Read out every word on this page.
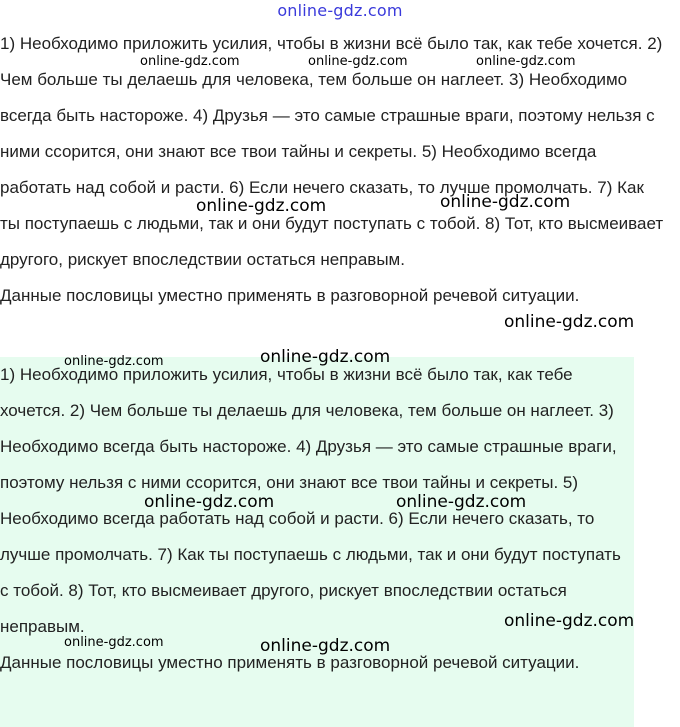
online-gdz.com

1) Необходимо приложить усилия, чтобы в жизни всё было так, как тебе хочется. 2) Чем больше ты делаешь для человека, тем больше он наглеет. 3) Необходимо всегда быть настороже. 4) Друзья — это самые страшные враги, поэтому нельзя с ними ссорится, они знают все твои тайны и секреты. 5) Необходимо всегда работать над собой и расти. 6) Если нечего сказать, то лучше промолчать. 7) Как ты поступаешь с людьми, так и они будут поступать с тобой. 8) Тот, кто высмеивает другого, рискует впоследствии остаться неправым.

Данные пословицы уместно применять в разговорной речевой ситуации.

1) Необходимо приложить усилия, чтобы в жизни всё было так, как тебе хочется. 2) Чем больше ты делаешь для человека, тем больше он наглеет. 3) Необходимо всегда быть настороже. 4) Друзья — это самые страшные враги, поэтому нельзя с ними ссорится, они знают все твои тайны и секреты. 5) Необходимо всегда работать над собой и расти. 6) Если нечего сказать, то лучше промолчать. 7) Как ты поступаешь с людьми, так и они будут поступать с тобой. 8) Тот, кто высмеивает другого, рискует впоследствии остаться неправым.

Данные пословицы уместно применять в разговорной речевой ситуации.

online-gdz.com	online-gdz.com	online-gdz.com
online-gdz.com	online-gdz.com
online-gdz.com
online-gdz.com	online-gdz.com
online-gdz.com	online-gdz.com
online-gdz.com
online-gdz.com	online-gdz.com
